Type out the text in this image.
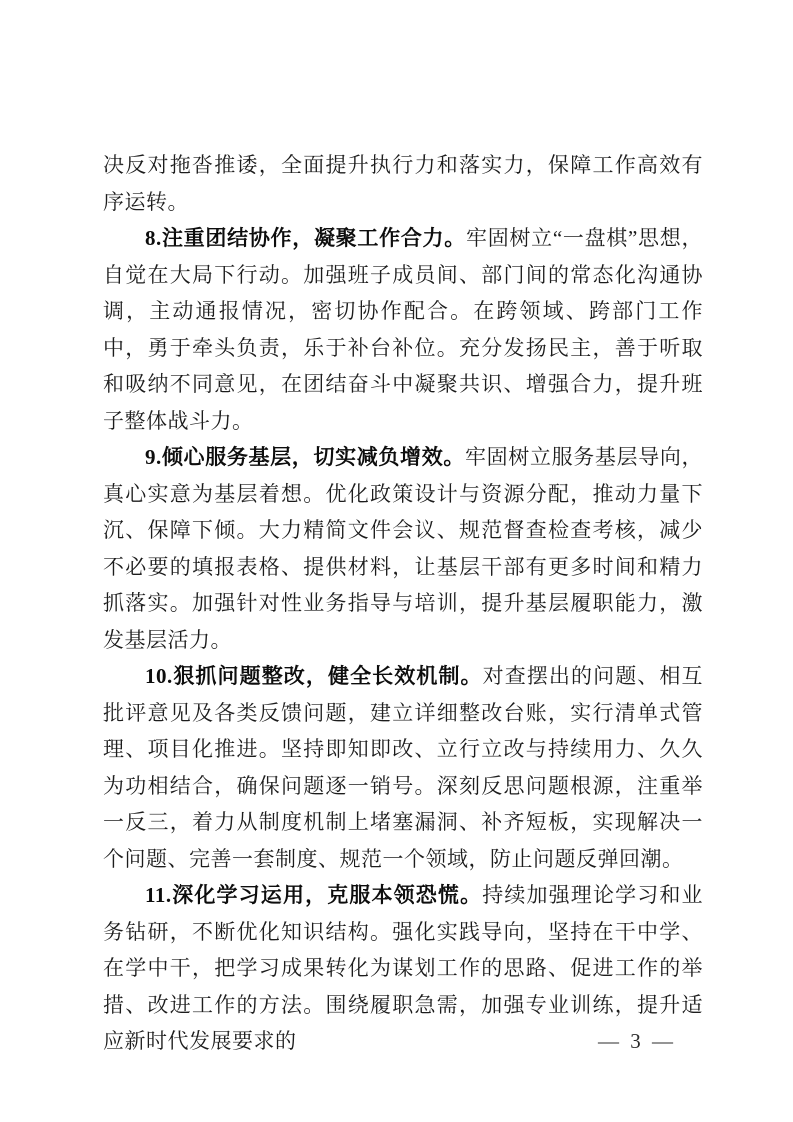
决反对拖沓推诿，全面提升执行力和落实力，保障工作高效有序运转。

8.注重团结协作，凝聚工作合力。牢固树立“一盘棋”思想，自觉在大局下行动。加强班子成员间、部门间的常态化沟通协调，主动通报情况，密切协作配合。在跨领域、跨部门工作中，勇于牵头负责，乐于补台补位。充分发扬民主，善于听取和吸纳不同意见，在团结奋斗中凝聚共识、增强合力，提升班子整体战斗力。

9.倾心服务基层，切实减负增效。牢固树立服务基层导向，真心实意为基层着想。优化政策设计与资源分配，推动力量下沉、保障下倾。大力精简文件会议、规范督查检查考核，减少不必要的填报表格、提供材料，让基层干部有更多时间和精力抓落实。加强针对性业务指导与培训，提升基层履职能力，激发基层活力。

10.狠抓问题整改，健全长效机制。对查摆出的问题、相互批评意见及各类反馈问题，建立详细整改台账，实行清单式管理、项目化推进。坚持即知即改、立行立改与持续用力、久久为功相结合，确保问题逐一销号。深刻反思问题根源，注重举一反三，着力从制度机制上堵塞漏洞、补齐短板，实现解决一个问题、完善一套制度、规范一个领域，防止问题反弹回潮。

11.深化学习运用，克服本领恐慌。持续加强理论学习和业务钻研，不断优化知识结构。强化实践导向，坚持在干中学、在学中干，把学习成果转化为谋划工作的思路、促进工作的举措、改进工作的方法。围绕履职急需，加强专业训练，提升适应新时代发展要求的	— 3 —
